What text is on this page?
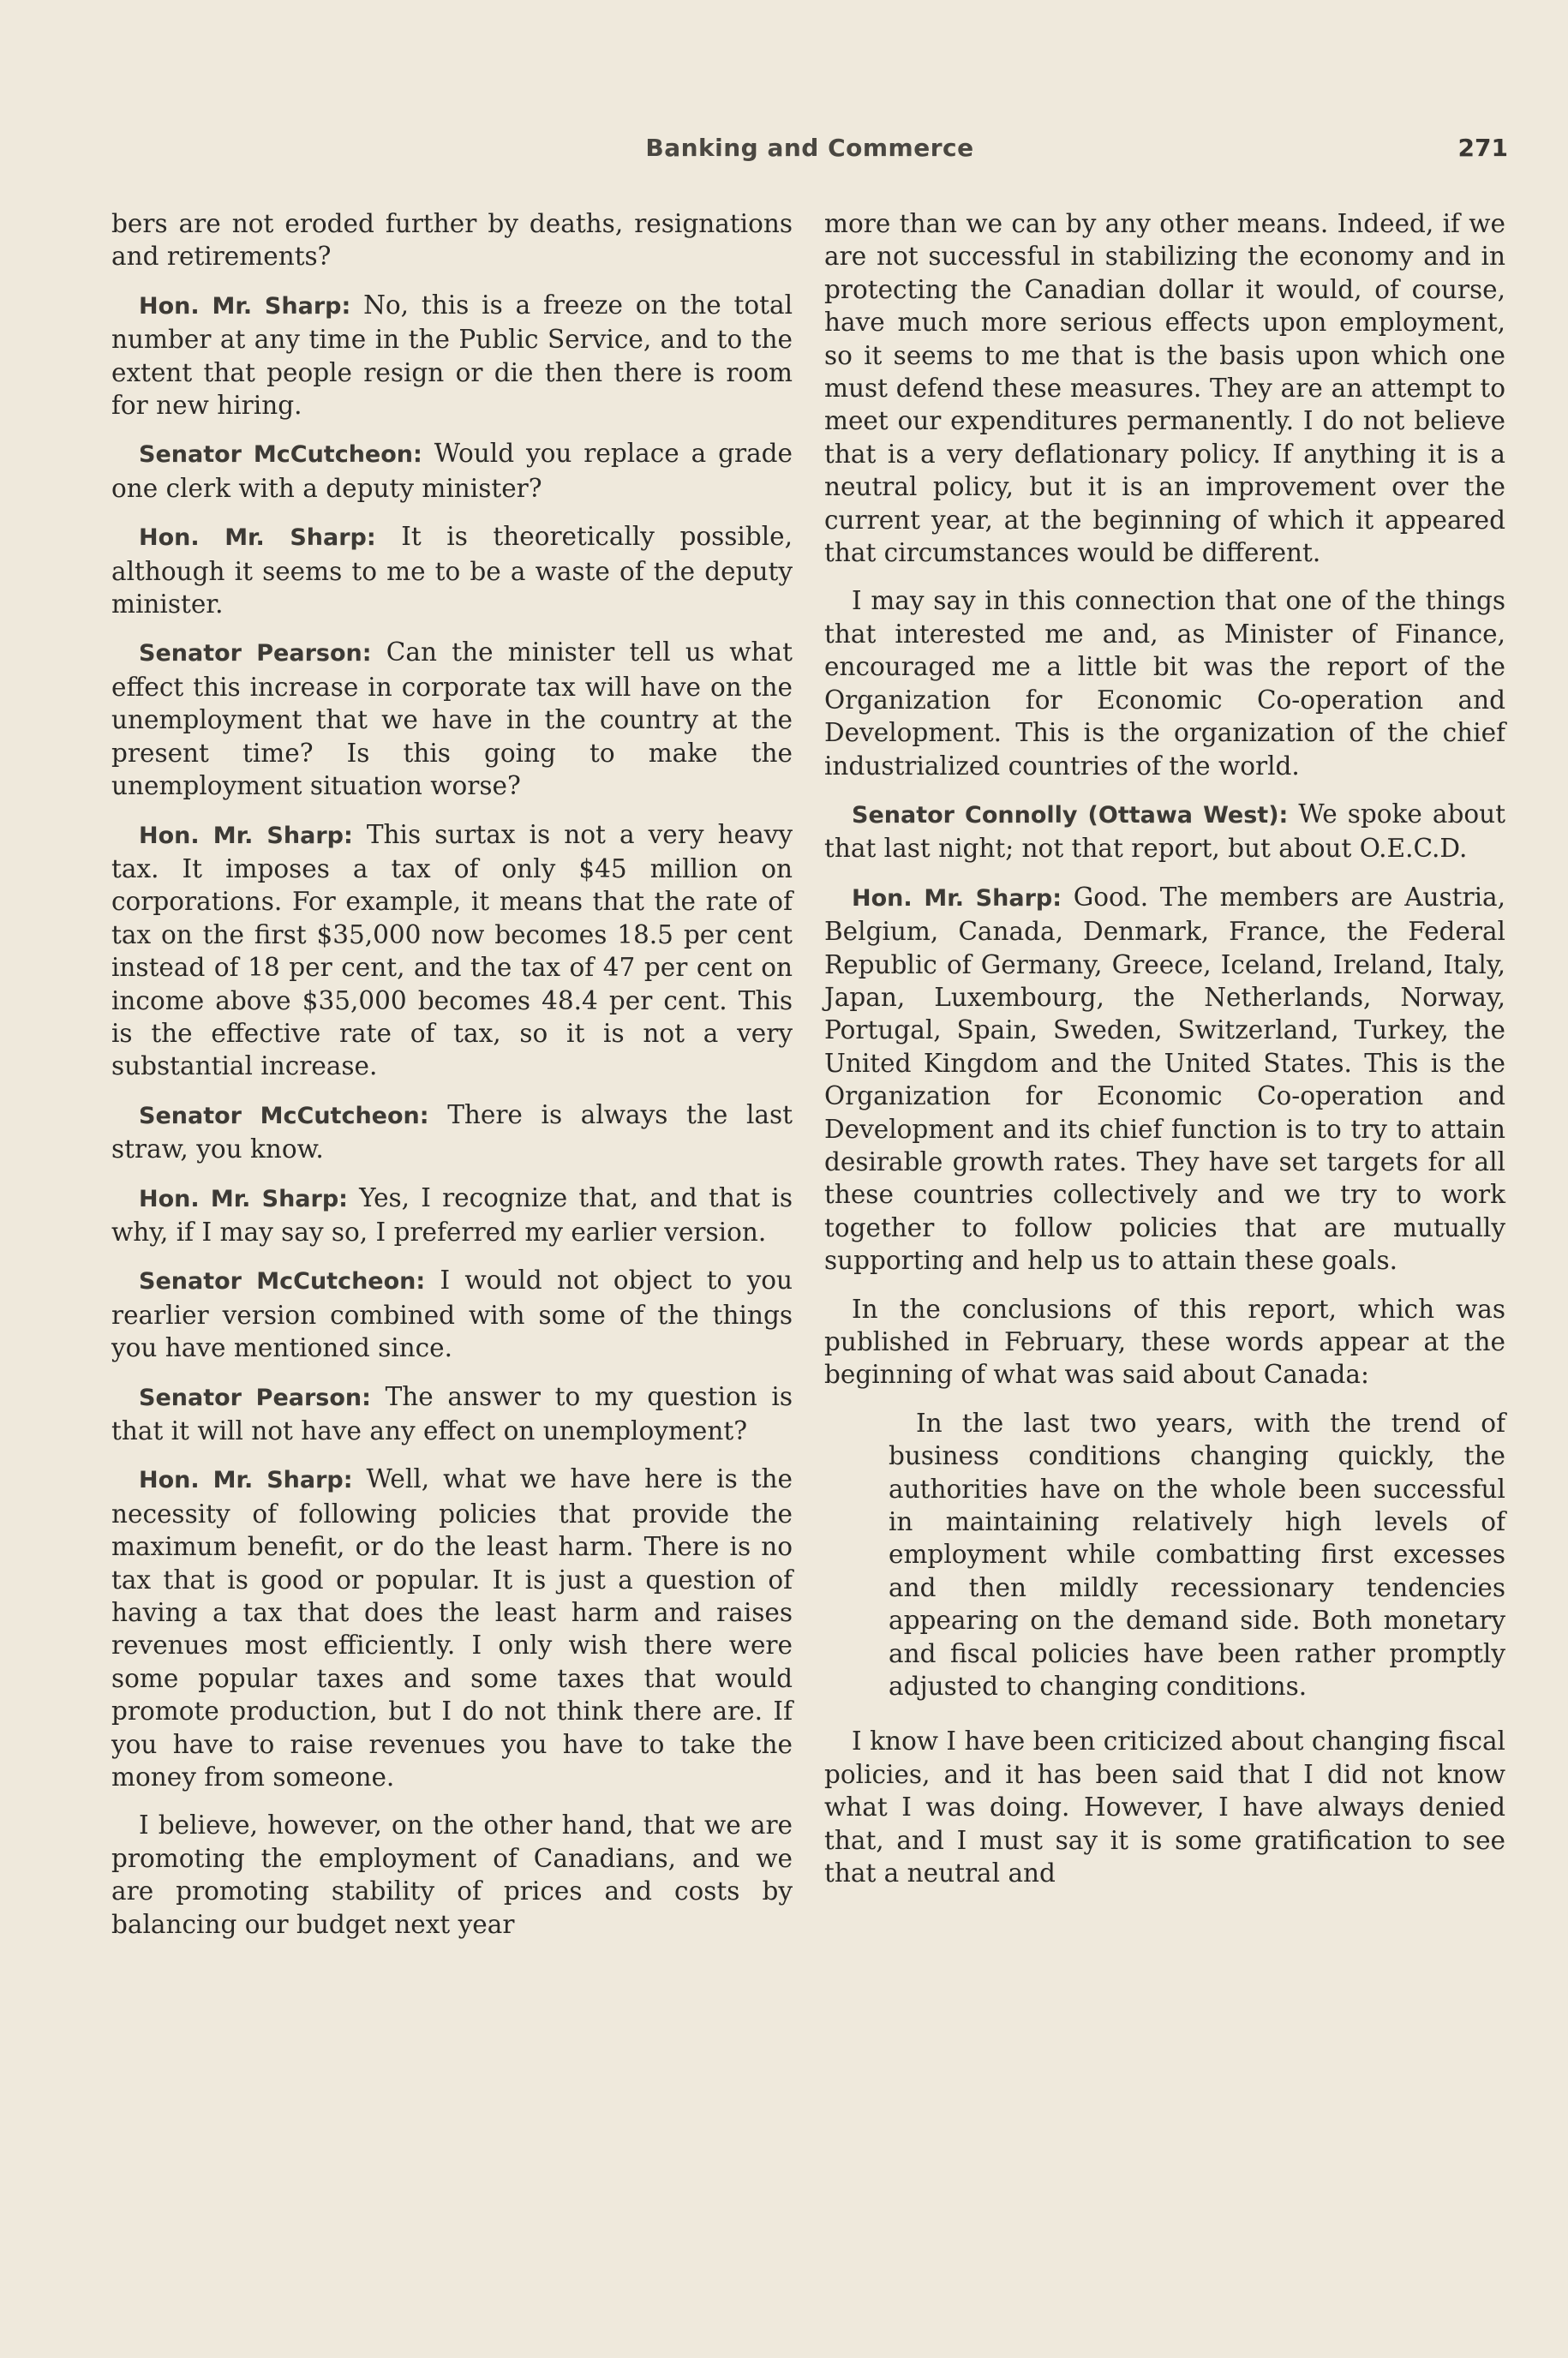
Banking and Commerce	271

bers are not eroded further by deaths, resignations and retirements?

Hon. Mr. Sharp: No, this is a freeze on the total number at any time in the Public Service, and to the extent that people resign or die then there is room for new hiring.

Senator McCutcheon: Would you replace a grade one clerk with a deputy minister?

Hon. Mr. Sharp: It is theoretically possible, although it seems to me to be a waste of the deputy minister.

Senator Pearson: Can the minister tell us what effect this increase in corporate tax will have on the unemployment that we have in the country at the present time? Is this going to make the unemployment situation worse?

Hon. Mr. Sharp: This surtax is not a very heavy tax. It imposes a tax of only $45 million on corporations. For example, it means that the rate of tax on the first $35,000 now becomes 18.5 per cent instead of 18 per cent, and the tax of 47 per cent on income above $35,000 becomes 48.4 per cent. This is the effective rate of tax, so it is not a very substantial increase.

Senator McCutcheon: There is always the last straw, you know.

Hon. Mr. Sharp: Yes, I recognize that, and that is why, if I may say so, I preferred my earlier version.

Senator McCutcheon: I would not object to you rearlier version combined with some of the things you have mentioned since.

Senator Pearson: The answer to my question is that it will not have any effect on unemployment?

Hon. Mr. Sharp: Well, what we have here is the necessity of following policies that provide the maximum benefit, or do the least harm. There is no tax that is good or popular. It is just a question of having a tax that does the least harm and raises revenues most efficiently. I only wish there were some popular taxes and some taxes that would promote production, but I do not think there are. If you have to raise revenues you have to take the money from someone.

I believe, however, on the other hand, that we are promoting the employment of Canadians, and we are promoting stability of prices and costs by balancing our budget next year

more than we can by any other means. Indeed, if we are not successful in stabilizing the economy and in protecting the Canadian dollar it would, of course, have much more serious effects upon employment, so it seems to me that is the basis upon which one must defend these measures. They are an attempt to meet our expenditures permanently. I do not believe that is a very deflationary policy. If anything it is a neutral policy, but it is an improvement over the current year, at the beginning of which it appeared that circumstances would be different.

I may say in this connection that one of the things that interested me and, as Minister of Finance, encouraged me a little bit was the report of the Organization for Economic Co-operation and Development. This is the organization of the chief industrialized countries of the world.

Senator Connolly (Ottawa West): We spoke about that last night; not that report, but about O.E.C.D.

Hon. Mr. Sharp: Good. The members are Austria, Belgium, Canada, Denmark, France, the Federal Republic of Germany, Greece, Iceland, Ireland, Italy, Japan, Luxembourg, the Netherlands, Norway, Portugal, Spain, Sweden, Switzerland, Turkey, the United Kingdom and the United States. This is the Organization for Economic Co-operation and Development and its chief function is to try to attain desirable growth rates. They have set targets for all these countries collectively and we try to work together to follow policies that are mutually supporting and help us to attain these goals.

In the conclusions of this report, which was published in February, these words appear at the beginning of what was said about Canada:

In the last two years, with the trend of business conditions changing quickly, the authorities have on the whole been successful in maintaining relatively high levels of employment while combatting first excesses and then mildly recessionary tendencies appearing on the demand side. Both monetary and fiscal policies have been rather promptly adjusted to changing conditions.

I know I have been criticized about changing fiscal policies, and it has been said that I did not know what I was doing. However, I have always denied that, and I must say it is some gratification to see that a neutral and
